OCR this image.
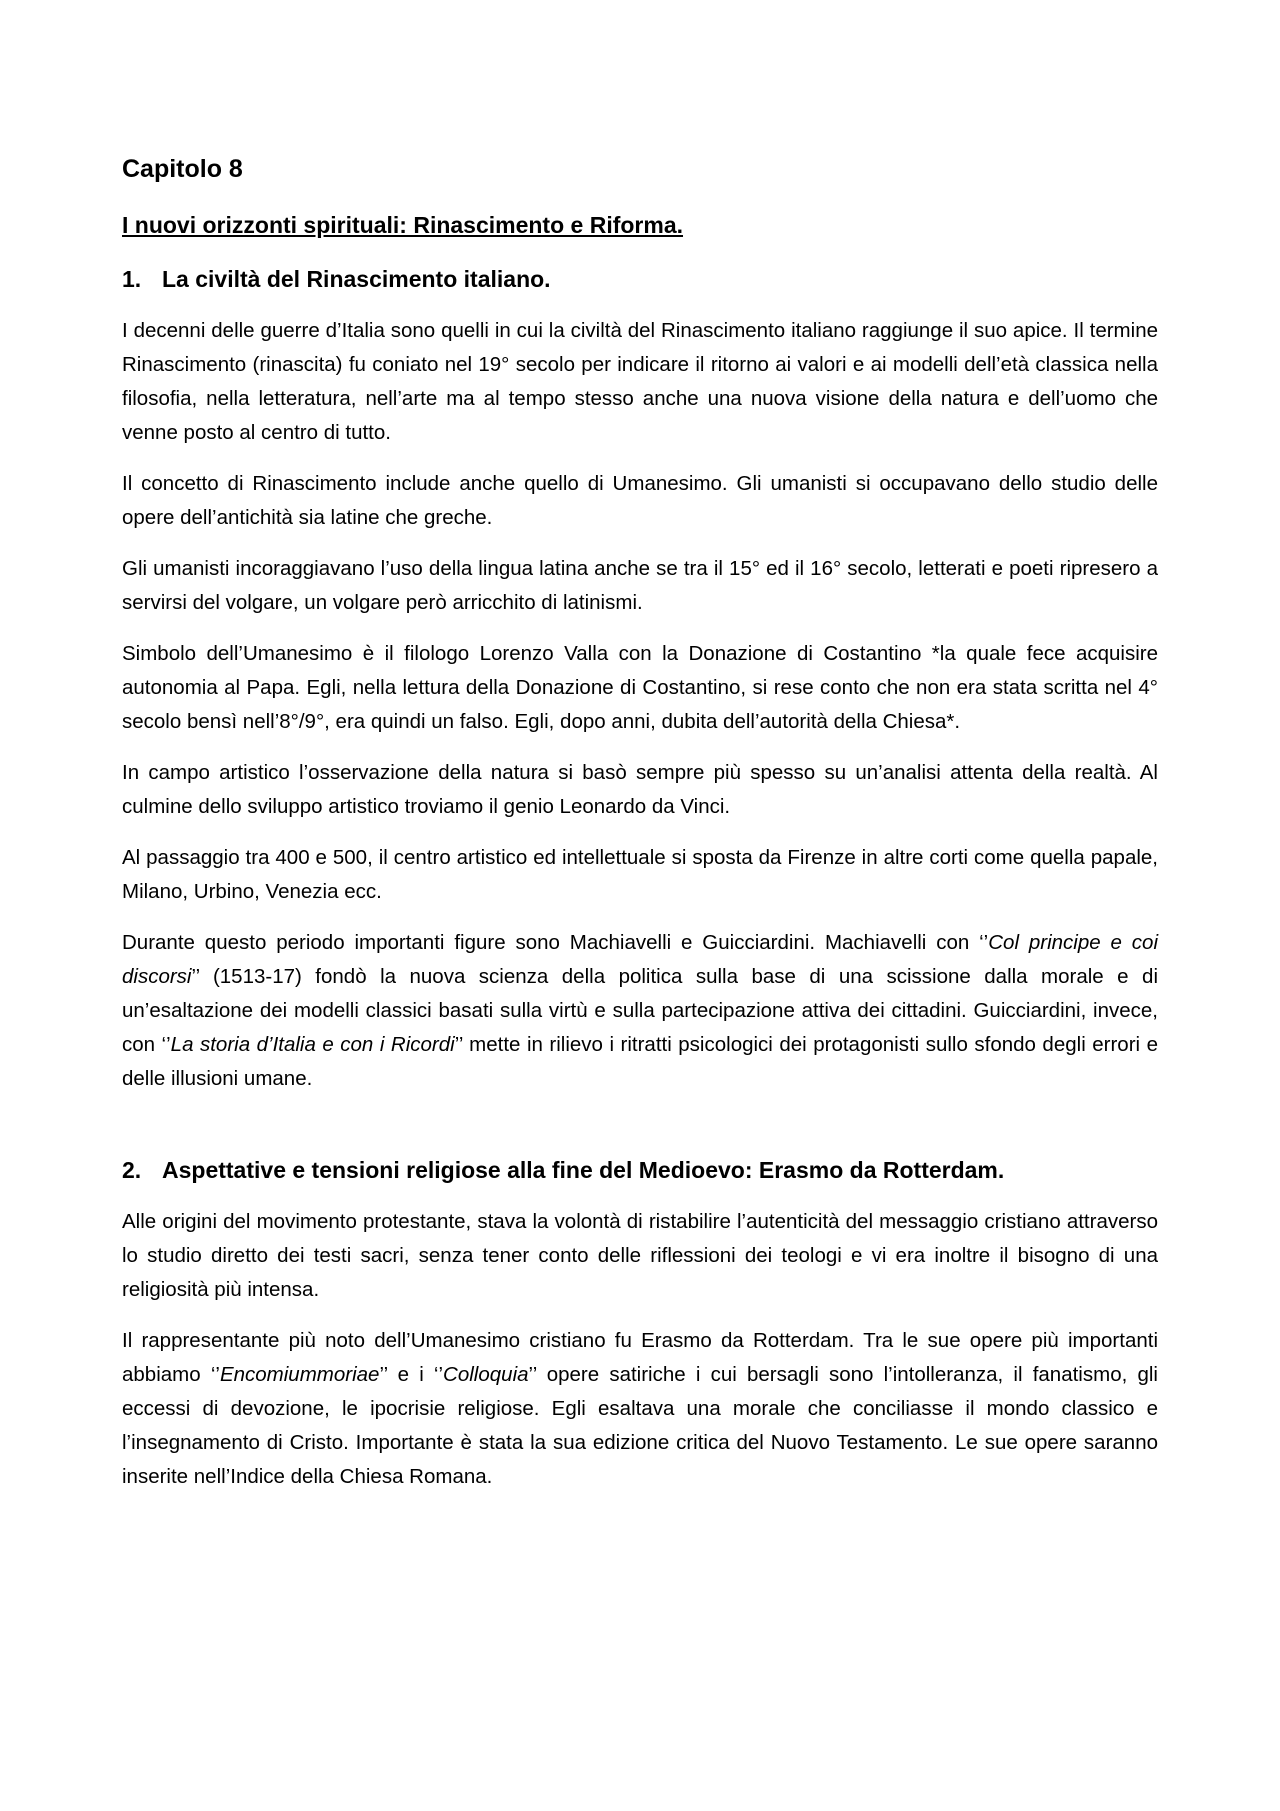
Capitolo 8
I nuovi orizzonti spirituali: Rinascimento e Riforma.
1. La civiltà del Rinascimento italiano.

I decenni delle guerre d’Italia sono quelli in cui la civiltà del Rinascimento italiano raggiunge il suo apice. Il termine Rinascimento (rinascita) fu coniato nel 19° secolo per indicare il ritorno ai valori e ai modelli dell’età classica nella filosofia, nella letteratura, nell’arte ma al tempo stesso anche una nuova visione della natura e dell’uomo che venne posto al centro di tutto.

Il concetto di Rinascimento include anche quello di Umanesimo. Gli umanisti si occupavano dello studio delle opere dell’antichità sia latine che greche.

Gli umanisti incoraggiavano l’uso della lingua latina anche se tra il 15° ed il 16° secolo, letterati e poeti ripresero a servirsi del volgare, un volgare però arricchito di latinismi.

Simbolo dell’Umanesimo è il filologo Lorenzo Valla con la Donazione di Costantino *la quale fece acquisire autonomia al Papa. Egli, nella lettura della Donazione di Costantino, si rese conto che non era stata scritta nel 4° secolo bensì nell’8°/9°, era quindi un falso. Egli, dopo anni, dubita dell’autorità della Chiesa*.

In campo artistico l’osservazione della natura si basò sempre più spesso su un’analisi attenta della realtà. Al culmine dello sviluppo artistico troviamo il genio Leonardo da Vinci.

Al passaggio tra 400 e 500, il centro artistico ed intellettuale si sposta da Firenze in altre corti come quella papale, Milano, Urbino, Venezia ecc.

Durante questo periodo importanti figure sono Machiavelli e Guicciardini. Machiavelli con ‘’Col principe e coi discorsi’’ (1513-17) fondò la nuova scienza della politica sulla base di una scissione dalla morale e di un’esaltazione dei modelli classici basati sulla virtù e sulla partecipazione attiva dei cittadini. Guicciardini, invece, con ‘’La storia d’Italia e con i Ricordi’’ mette in rilievo i ritratti psicologici dei protagonisti sullo sfondo degli errori e delle illusioni umane.

2. Aspettative e tensioni religiose alla fine del Medioevo: Erasmo da Rotterdam.

Alle origini del movimento protestante, stava la volontà di ristabilire l’autenticità del messaggio cristiano attraverso lo studio diretto dei testi sacri, senza tener conto delle riflessioni dei teologi e vi era inoltre il bisogno di una religiosità più intensa.

Il rappresentante più noto dell’Umanesimo cristiano fu Erasmo da Rotterdam. Tra le sue opere più importanti abbiamo ‘’Encomiummoriae’’ e i ‘’Colloquia’’ opere satiriche i cui bersagli sono l’intolleranza, il fanatismo, gli eccessi di devozione, le ipocrisie religiose. Egli esaltava una morale che conciliasse il mondo classico e l’insegnamento di Cristo. Importante è stata la sua edizione critica del Nuovo Testamento. Le sue opere saranno inserite nell’Indice della Chiesa Romana.
